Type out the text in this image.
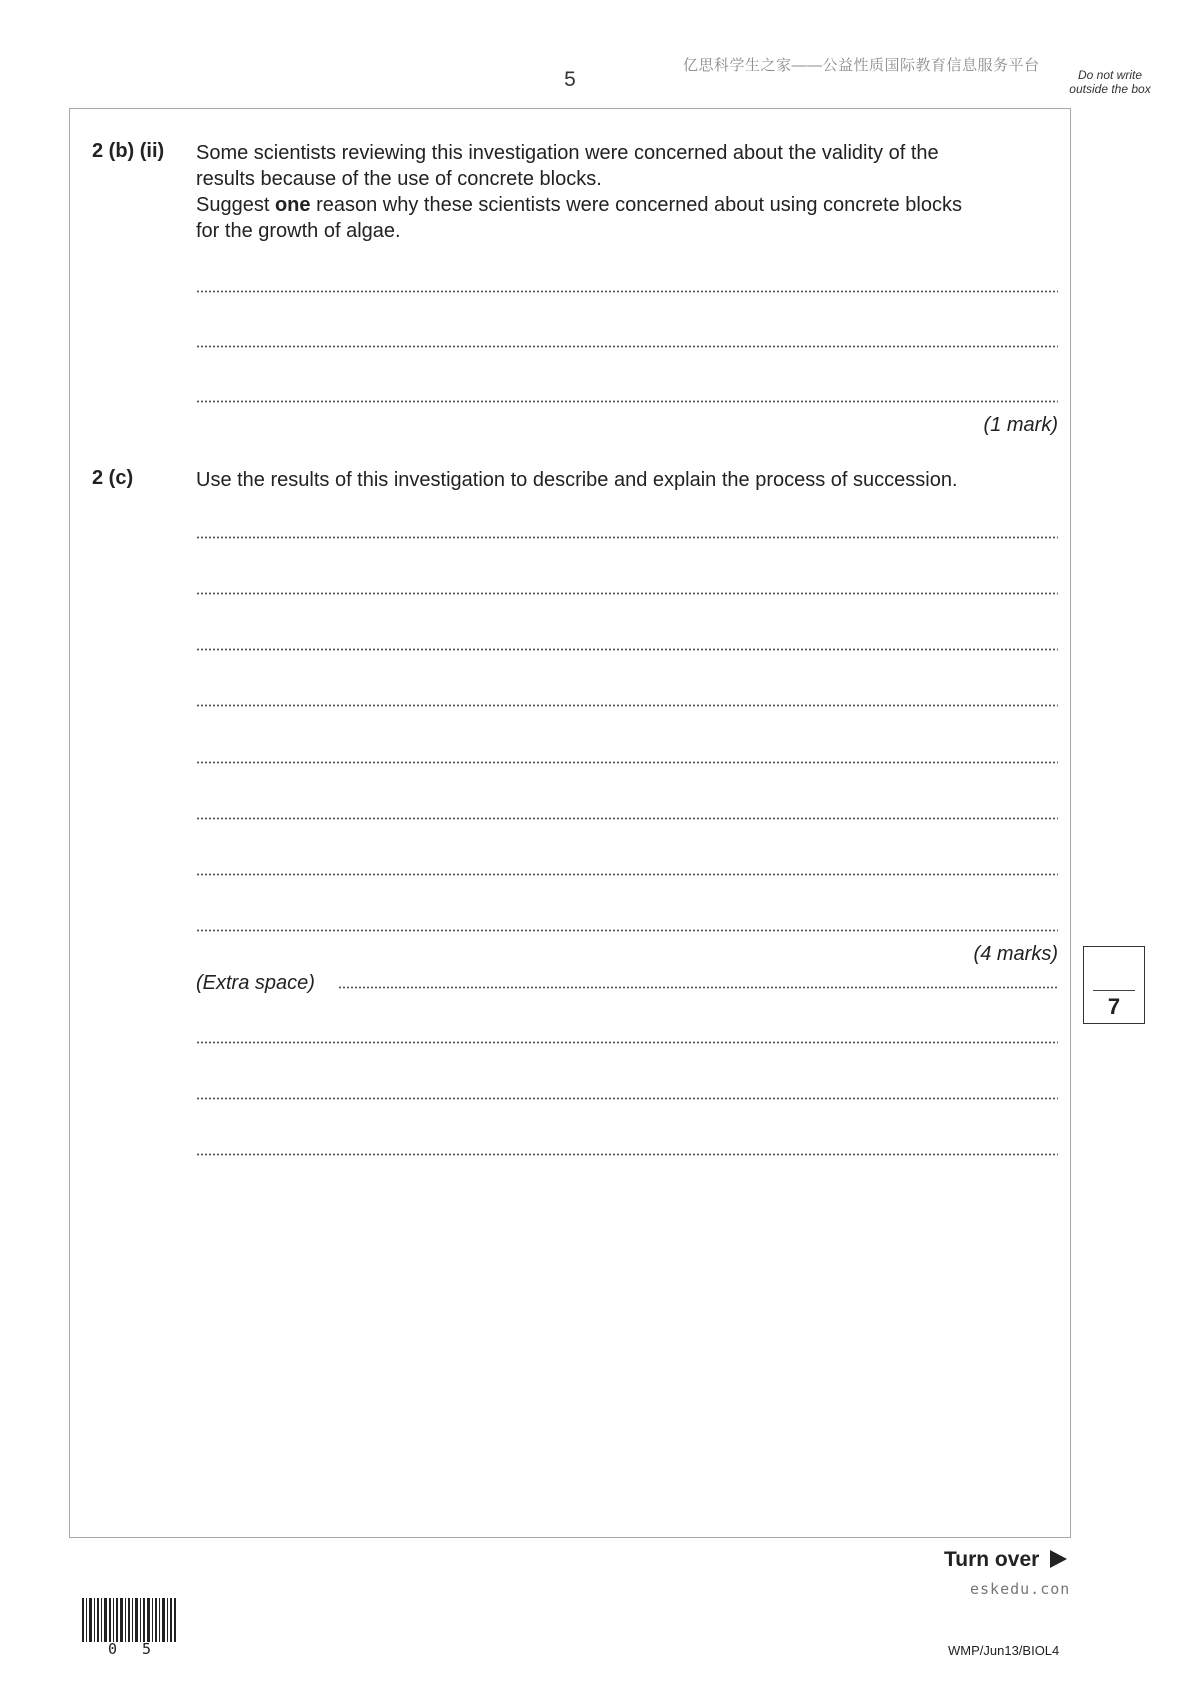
5
亿思科学生之家——公益性质国际教育信息服务平台
Do not write outside the box
2 (b) (ii) Some scientists reviewing this investigation were concerned about the validity of the
results because of the use of concrete blocks.
Suggest one reason why these scientists were concerned about using concrete blocks
for the growth of algae.
(1 mark)
2 (c)	Use the results of this investigation to describe and explain the process of succession.
(4 marks)
(Extra space)
7
Turn over
eskedu.con
WMP/Jun13/BIOL4
0 5
